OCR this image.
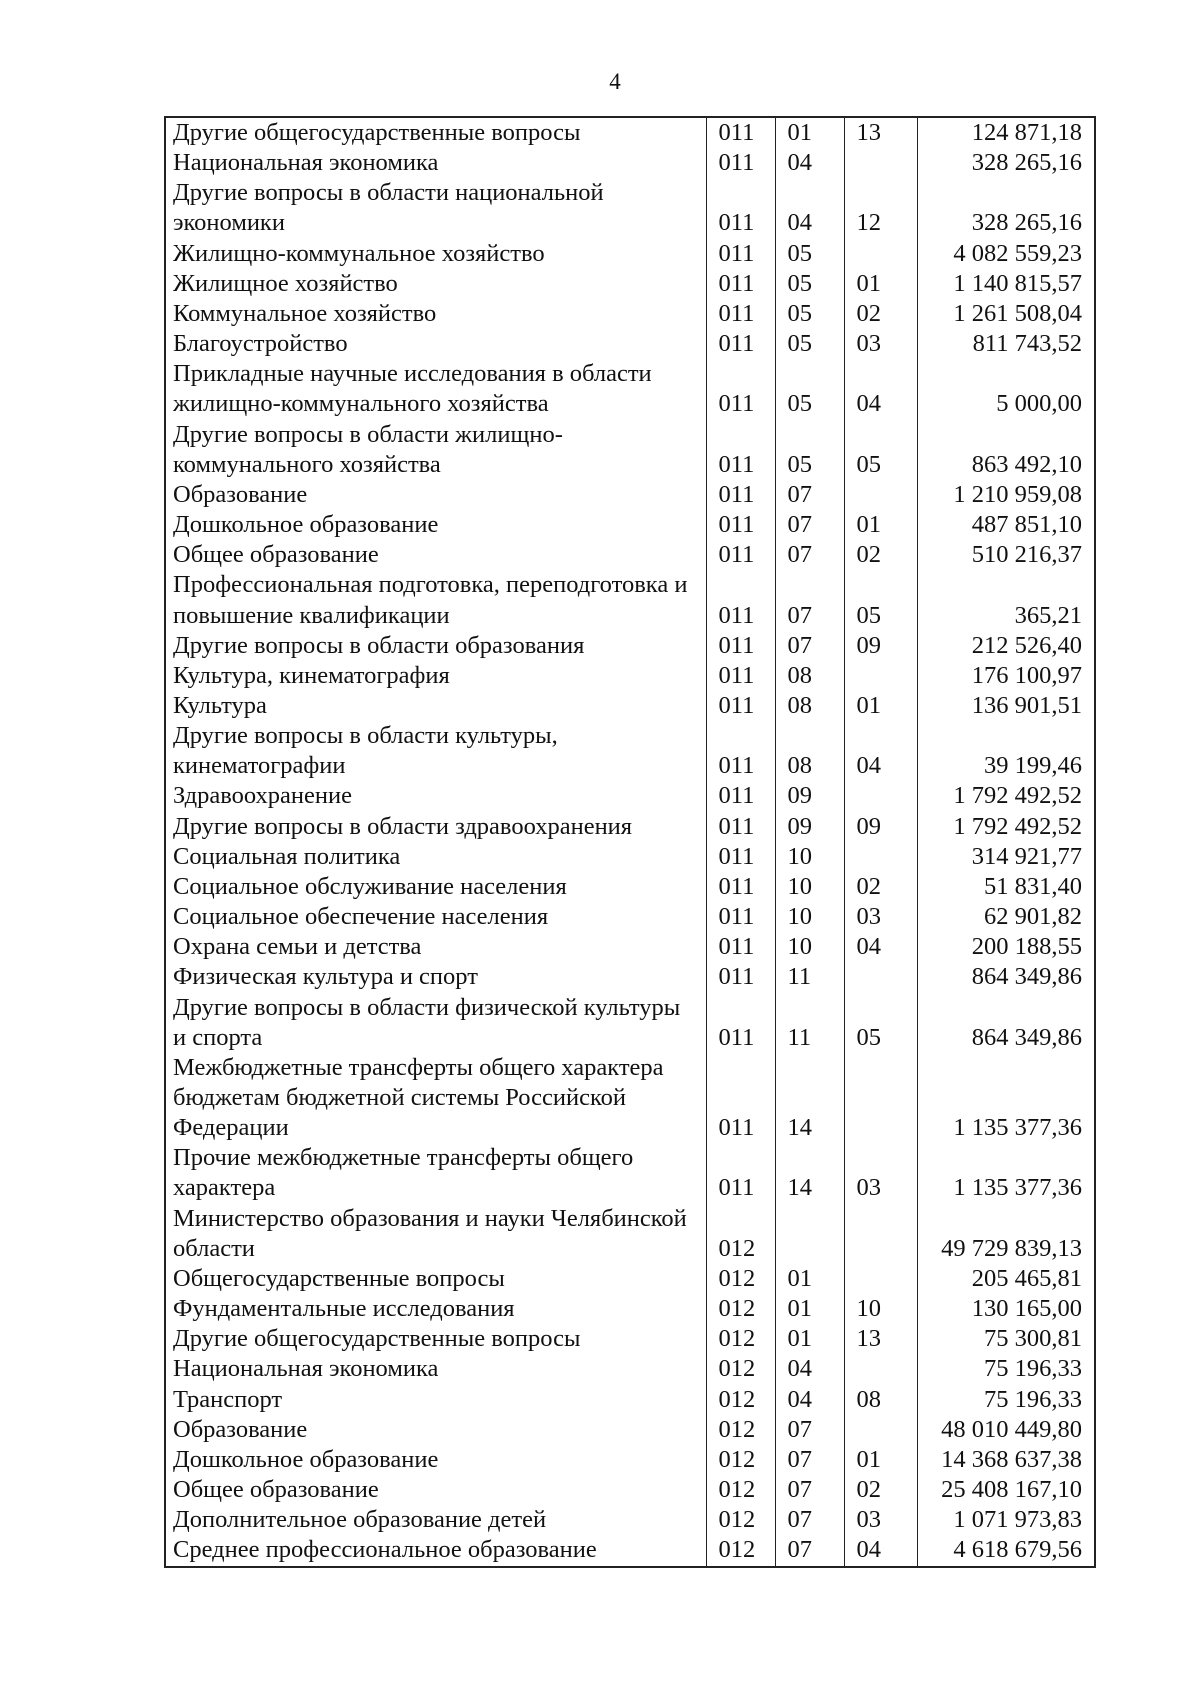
4
Другие общегосударственные вопросы	011	01	13	124 871,18
Национальная экономика	011	04		328 265,16
Другие вопросы в области национальной экономики	011	04	12	328 265,16
Жилищно-коммунальное хозяйство	011	05		4 082 559,23
Жилищное хозяйство	011	05	01	1 140 815,57
Коммунальное хозяйство	011	05	02	1 261 508,04
Благоустройство	011	05	03	811 743,52
Прикладные научные исследования в области жилищно-коммунального хозяйства	011	05	04	5 000,00
Другие вопросы в области жилищно-коммунального хозяйства	011	05	05	863 492,10
Образование	011	07		1 210 959,08
Дошкольное образование	011	07	01	487 851,10
Общее образование	011	07	02	510 216,37
Профессиональная подготовка, переподготовка и повышение квалификации	011	07	05	365,21
Другие вопросы в области образования	011	07	09	212 526,40
Культура, кинематография	011	08		176 100,97
Культура	011	08	01	136 901,51
Другие вопросы в области культуры, кинематографии	011	08	04	39 199,46
Здравоохранение	011	09		1 792 492,52
Другие вопросы в области здравоохранения	011	09	09	1 792 492,52
Социальная политика	011	10		314 921,77
Социальное обслуживание населения	011	10	02	51 831,40
Социальное обеспечение населения	011	10	03	62 901,82
Охрана семьи и детства	011	10	04	200 188,55
Физическая культура и спорт	011	11		864 349,86
Другие вопросы в области физической культуры и спорта	011	11	05	864 349,86
Межбюджетные трансферты общего характера бюджетам бюджетной системы Российской Федерации	011	14		1 135 377,36
Прочие межбюджетные трансферты общего характера	011	14	03	1 135 377,36
Министерство образования и науки Челябинской области	012			49 729 839,13
Общегосударственные вопросы	012	01		205 465,81
Фундаментальные исследования	012	01	10	130 165,00
Другие общегосударственные вопросы	012	01	13	75 300,81
Национальная экономика	012	04		75 196,33
Транспорт	012	04	08	75 196,33
Образование	012	07		48 010 449,80
Дошкольное образование	012	07	01	14 368 637,38
Общее образование	012	07	02	25 408 167,10
Дополнительное образование детей	012	07	03	1 071 973,83
Среднее профессиональное образование	012	07	04	4 618 679,56
